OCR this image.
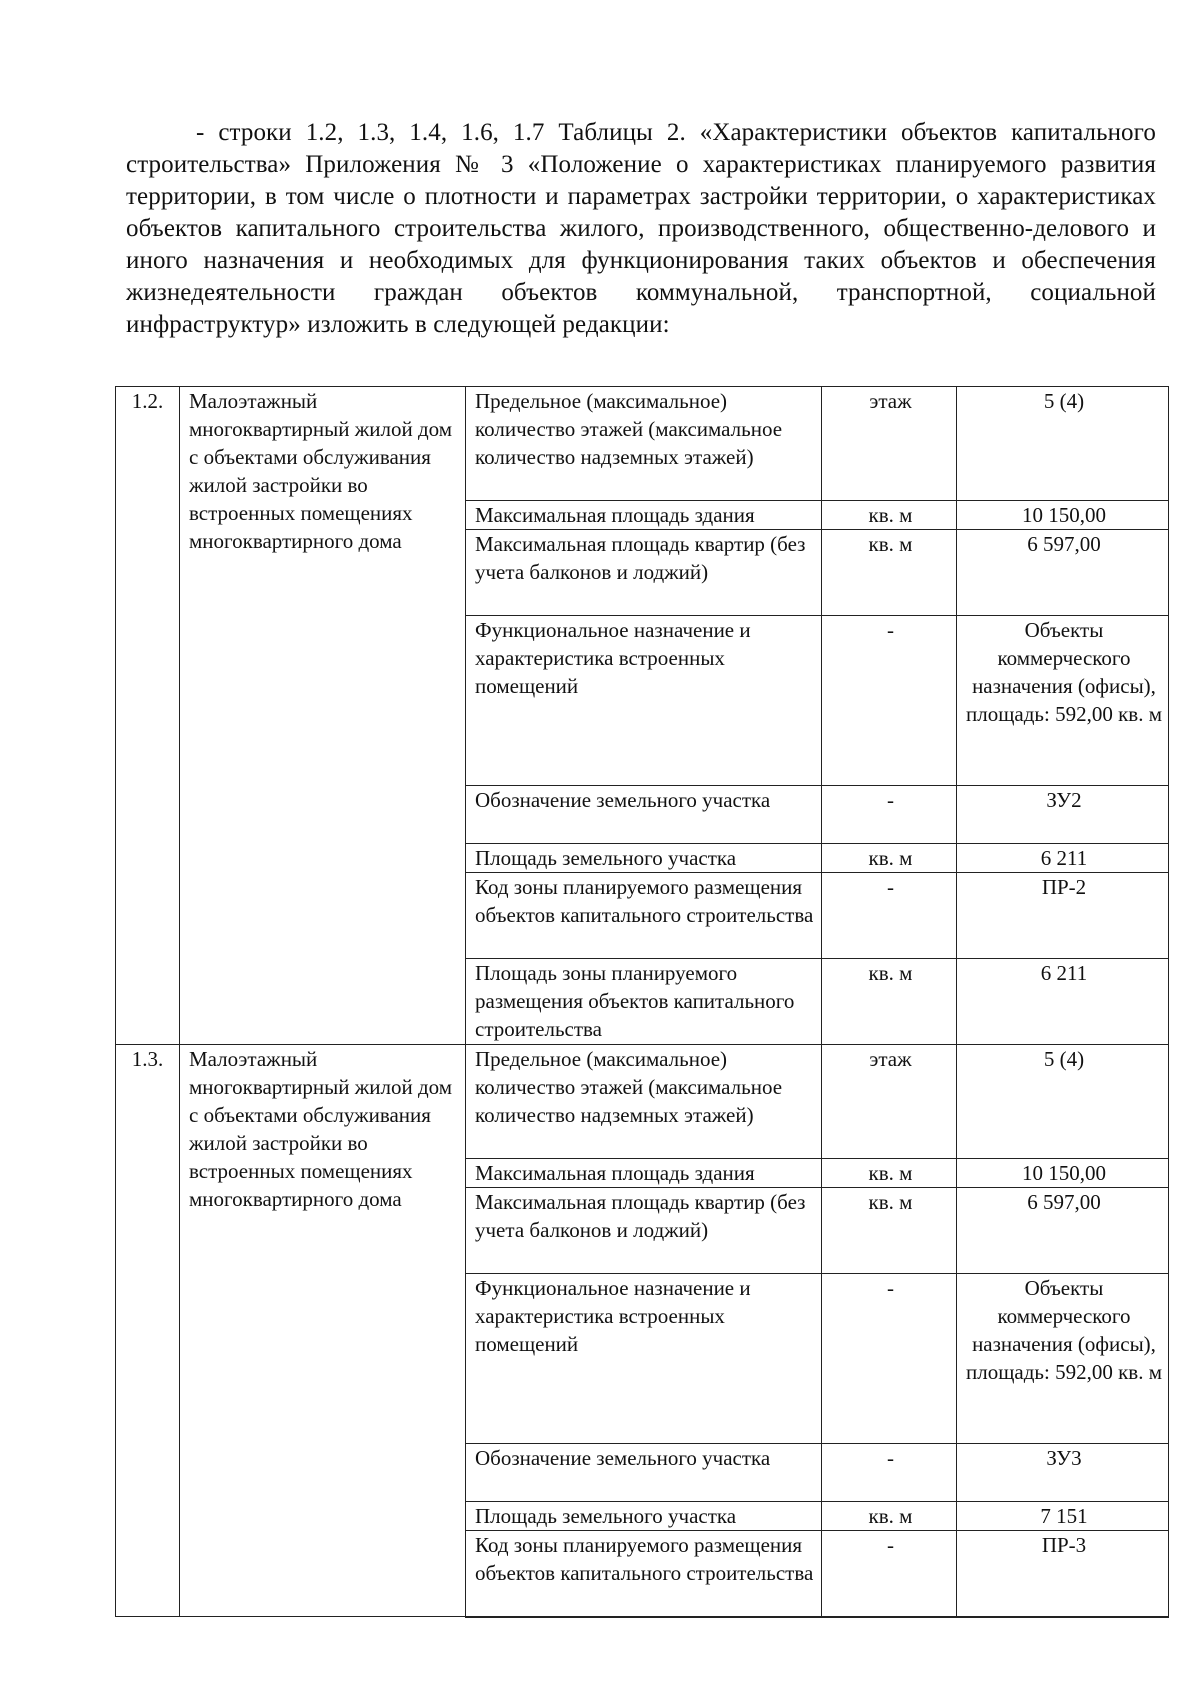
- строки 1.2, 1.3, 1.4, 1.6, 1.7 Таблицы 2. «Характеристики объектов капитального строительства» Приложения № 3 «Положение о характеристиках планируемого развития территории, в том числе о плотности и параметрах застройки территории, о характеристиках объектов капитального строительства жилого, производственного, общественно-делового и иного назначения и необходимых для функционирования таких объектов и обеспечения жизнедеятельности граждан объектов коммунальной, транспортной, социальной инфраструктур» изложить в следующей редакции:

1.2.	Малоэтажный многоквартирный жилой дом с объектами обслуживания жилой застройки во встроенных помещениях многоквартирного дома	Предельное (максимальное) количество этажей (максимальное количество надземных этажей)	этаж	5 (4)
		Максимальная площадь здания	кв. м	10 150,00
		Максимальная площадь квартир (без учета балконов и лоджий)	кв. м	6 597,00
		Функциональное назначение и характеристика встроенных помещений	-	Объекты коммерческого назначения (офисы), площадь: 592,00 кв. м
		Обозначение земельного участка	-	ЗУ2
		Площадь земельного участка	кв. м	6 211
		Код зоны планируемого размещения объектов капитального строительства	-	ПР-2
		Площадь зоны планируемого размещения объектов капитального строительства	кв. м	6 211
1.3.	Малоэтажный многоквартирный жилой дом с объектами обслуживания жилой застройки во встроенных помещениях многоквартирного дома	Предельное (максимальное) количество этажей (максимальное количество надземных этажей)	этаж	5 (4)
		Максимальная площадь здания	кв. м	10 150,00
		Максимальная площадь квартир (без учета балконов и лоджий)	кв. м	6 597,00
		Функциональное назначение и характеристика встроенных помещений	-	Объекты коммерческого назначения (офисы), площадь: 592,00 кв. м
		Обозначение земельного участка	-	ЗУ3
		Площадь земельного участка	кв. м	7 151
		Код зоны планируемого размещения объектов капитального строительства	-	ПР-3
